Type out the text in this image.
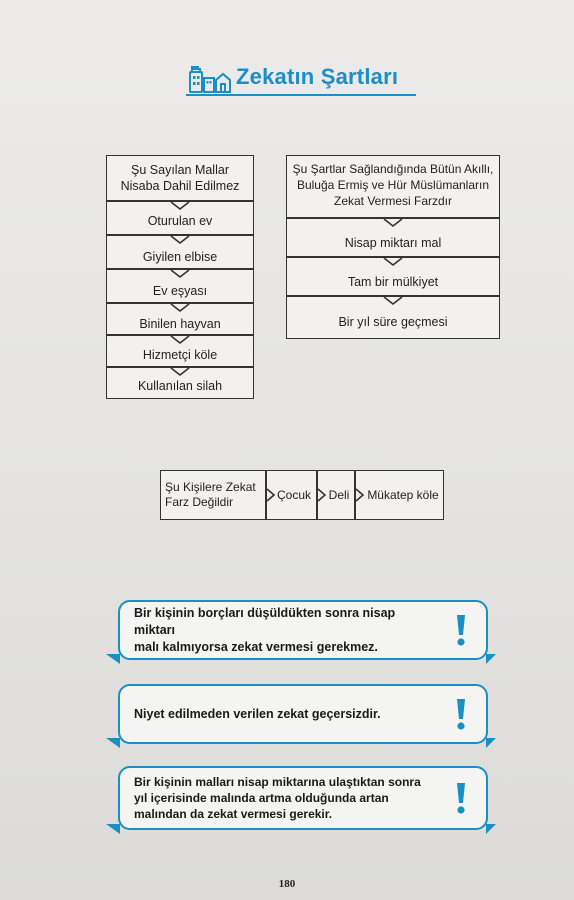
Zekatın Şartları
Şu Sayılan Mallar
Nisaba Dahil Edilmez
Oturulan ev
Giyilen elbise
Ev eşyası
Binilen hayvan
Hizmetçi köle
Kullanılan silah
Şu Şartlar Sağlandığında Bütün Akıllı,
Buluğa Ermiş ve Hür Müslümanların
Zekat Vermesi Farzdır
Nisap miktarı mal
Tam bir mülkiyet
Bir yıl süre geçmesi
Şu Kişilere Zekat
Farz Değildir	Çocuk	Deli	Mükatep köle
Bir kişinin borçları düşüldükten sonra nisap miktarı
malı kalmıyorsa zekat vermesi gerekmez.
Niyet edilmeden verilen zekat geçersizdir.
Bir kişinin malları nisap miktarına ulaştıktan sonra
yıl içerisinde malında artma olduğunda artan
malından da zekat vermesi gerekir.
180
